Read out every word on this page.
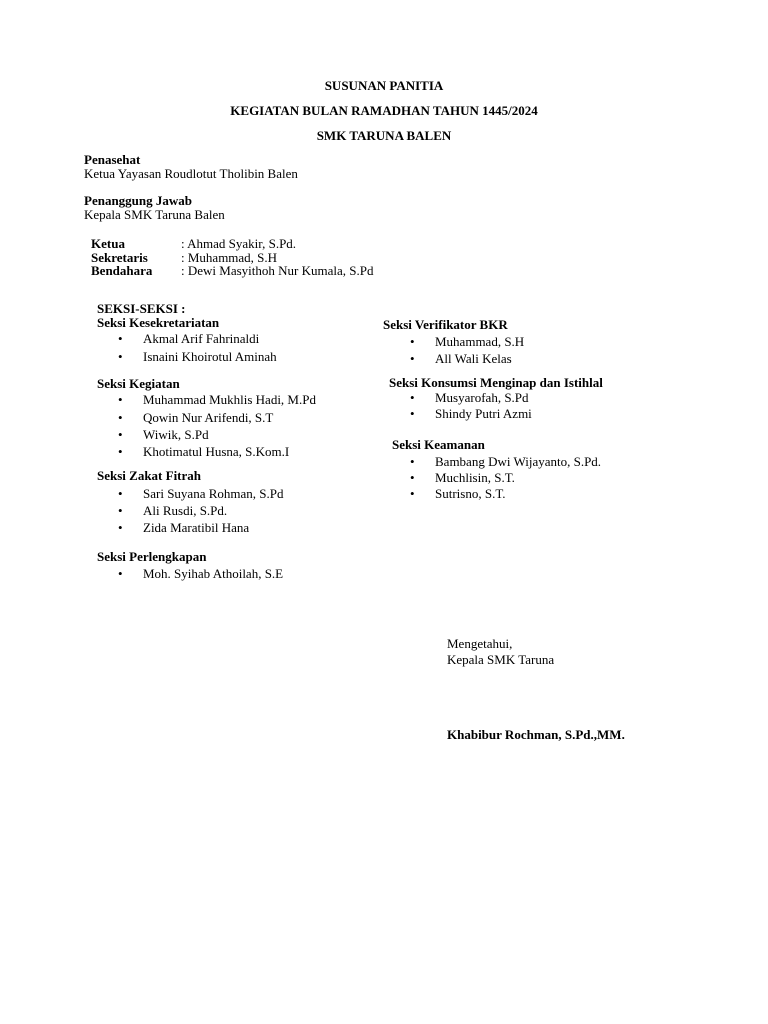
SUSUNAN PANITIA
KEGIATAN BULAN RAMADHAN TAHUN 1445/2024
SMK TARUNA BALEN
Penasehat
Ketua Yayasan Roudlotut Tholibin Balen
Penanggung Jawab
Kepala SMK Taruna Balen
Ketua	: Ahmad Syakir, S.Pd.
Sekretaris	: Muhammad, S.H
Bendahara : Dewi Masyithoh Nur Kumala, S.Pd
SEKSI-SEKSI :
Seksi Kesekretariatan
• Akmal Arif Fahrinaldi
• Isnaini Khoirotul Aminah
Seksi Kegiatan
• Muhammad Mukhlis Hadi, M.Pd
• Qowin Nur Arifendi, S.T
• Wiwik, S.Pd
• Khotimatul Husna, S.Kom.I
Seksi Zakat Fitrah
• Sari Suyana Rohman, S.Pd
• Ali Rusdi, S.Pd.
• Zida Maratibil Hana
Seksi Perlengkapan
• Moh. Syihab Athoilah, S.E
Seksi Verifikator BKR
• Muhammad, S.H
• All Wali Kelas
Seksi Konsumsi Menginap dan Istihlal
• Musyarofah, S.Pd
• Shindy Putri Azmi
Seksi Keamanan
• Bambang Dwi Wijayanto, S.Pd.
• Muchlisin, S.T.
• Sutrisno, S.T.
Mengetahui,
Kepala SMK Taruna
Khabibur Rochman, S.Pd.,MM.
